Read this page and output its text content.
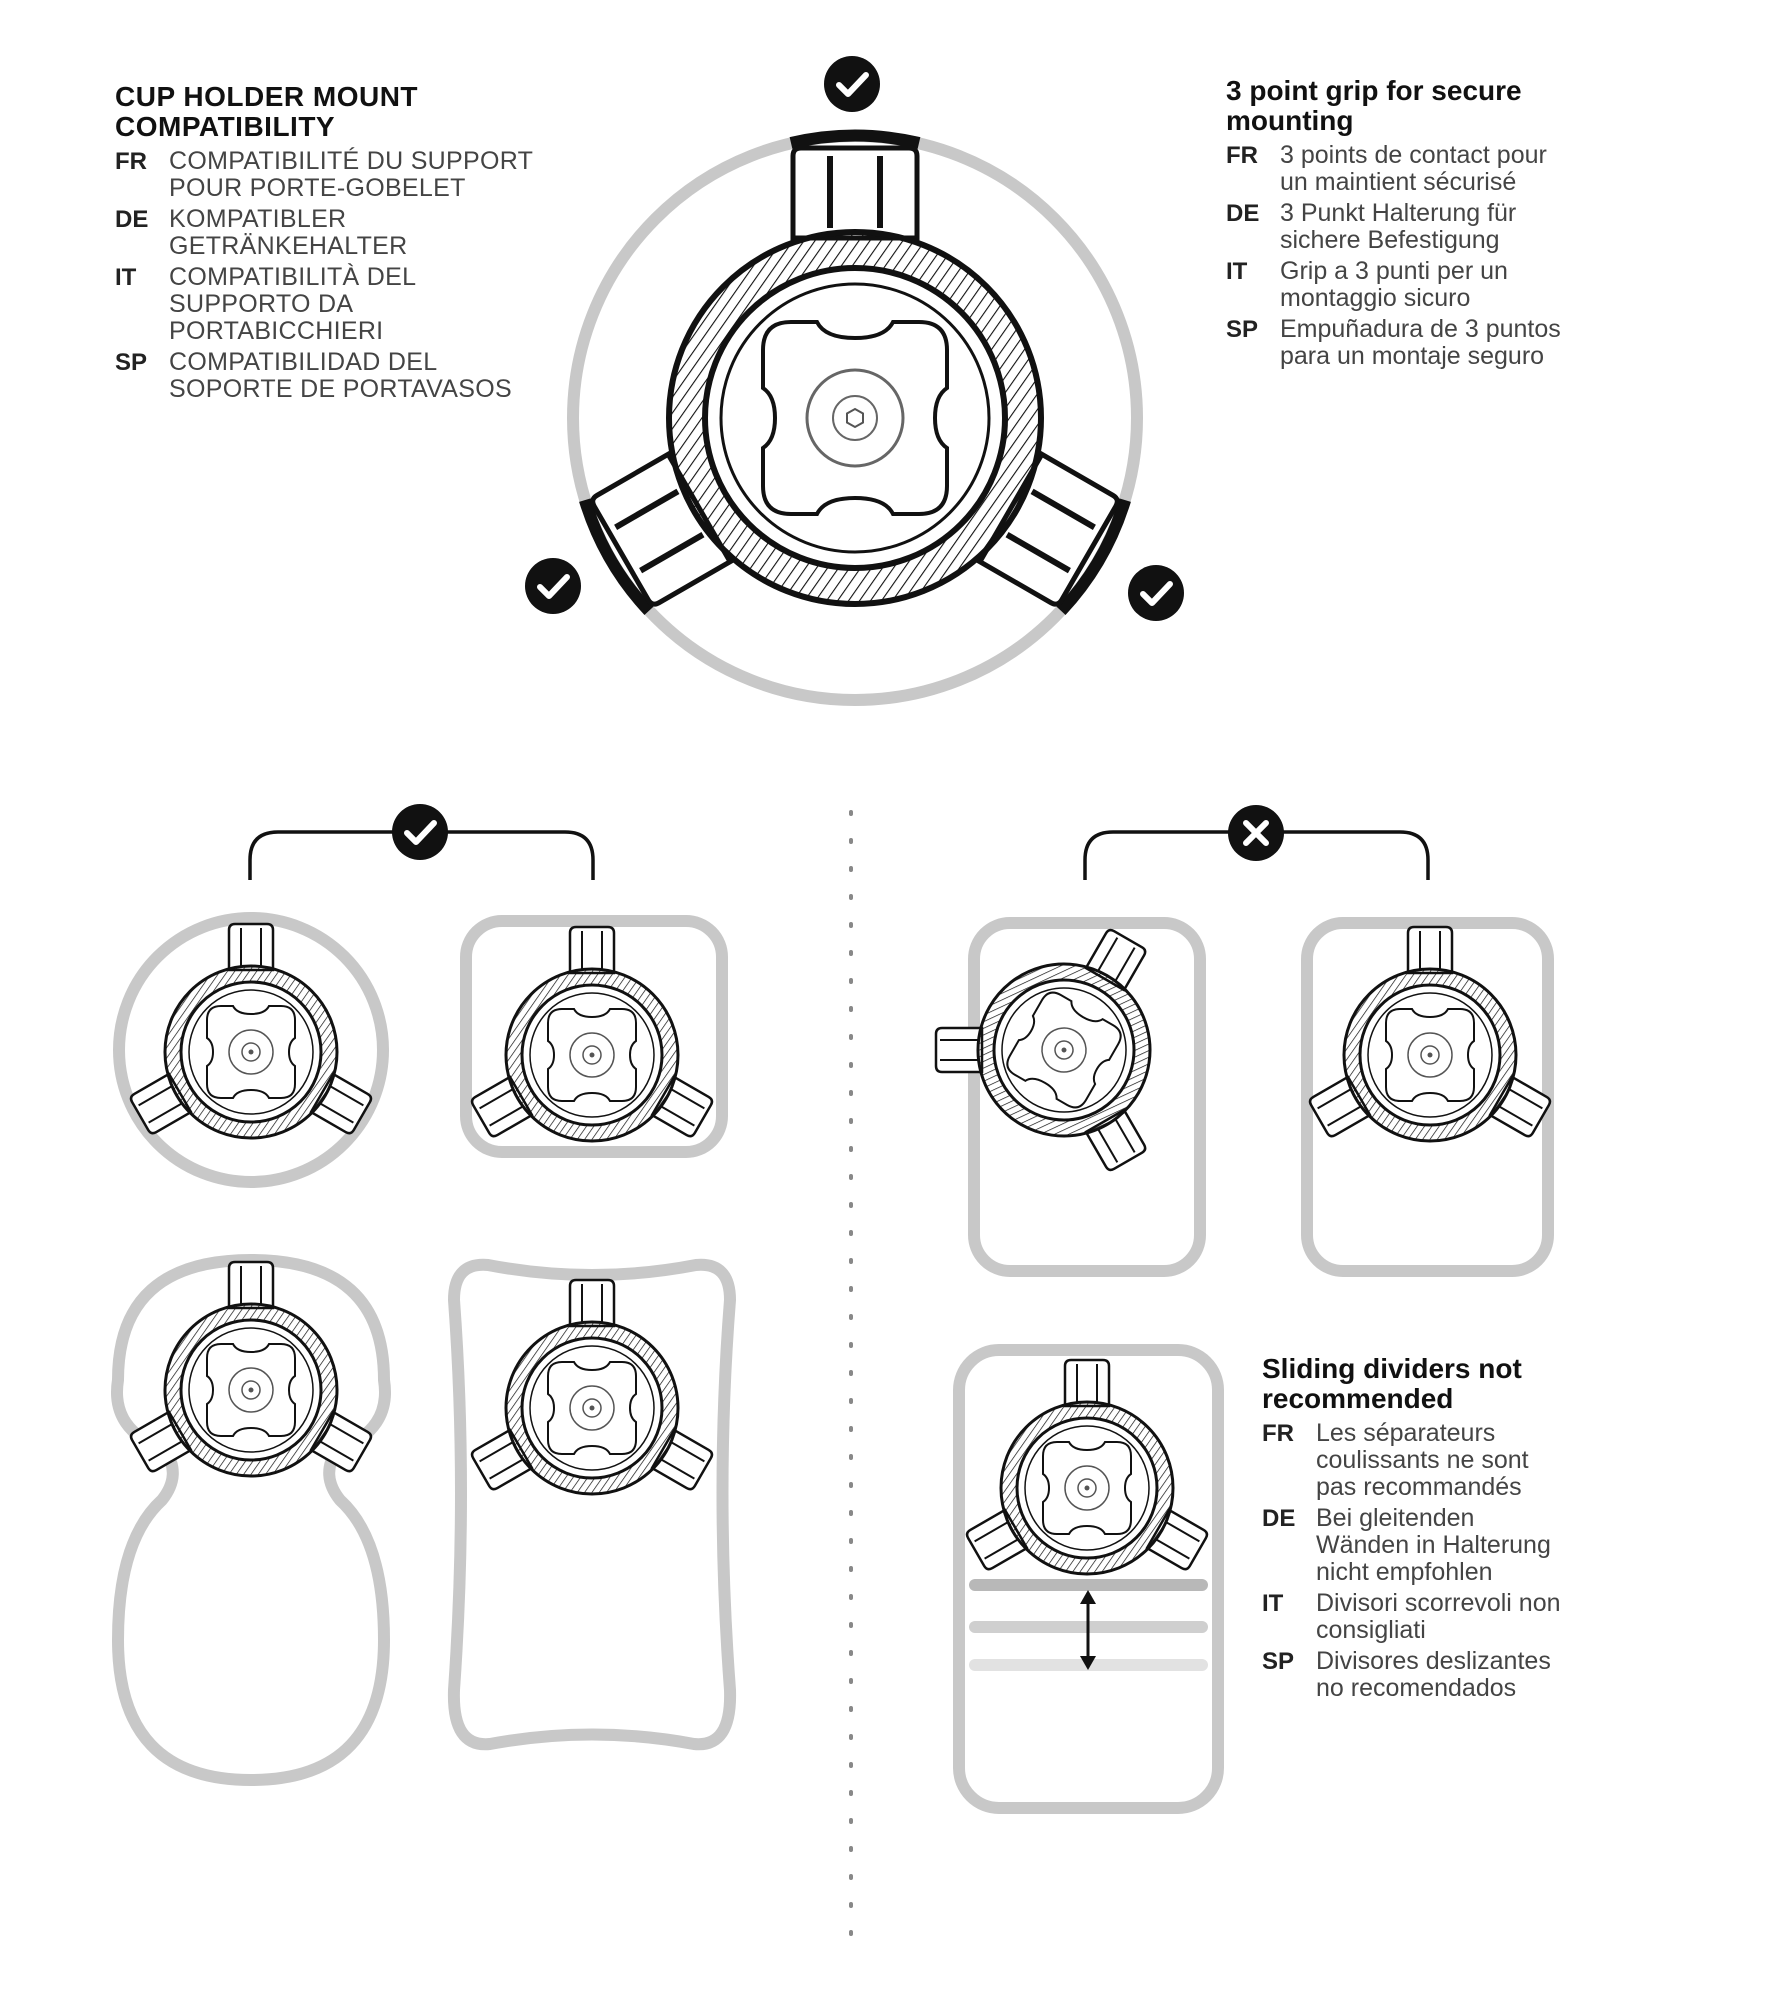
CUP HOLDER MOUNT
COMPATIBILITY
FR COMPATIBILITÉ DU SUPPORT
POUR PORTE-GOBELET
DE KOMPATIBLER
GETRÄNKEHALTER
IT	COMPATIBILITÀ DEL
SUPPORTO DA
PORTABICCHIERI
SP COMPATIBILIDAD DEL
SOPORTE DE PORTAVASOS
3 point grip for secure
mounting
FR 3 points de contact pour
un maintient sécurisé
DE 3 Punkt Halterung für
sichere Befestigung
IT	Grip a 3 punti per un
montaggio sicuro
SP Empuñadura de 3 puntos
para un montaje seguro
Sliding dividers not
recommended
FR Les séparateurs
coulissants ne sont
pas recommandés
DE Bei gleitenden
Wänden in Halterung
nicht empfohlen
IT	Divisori scorrevoli non
consigliati
SP Divisores deslizantes
no recomendados
